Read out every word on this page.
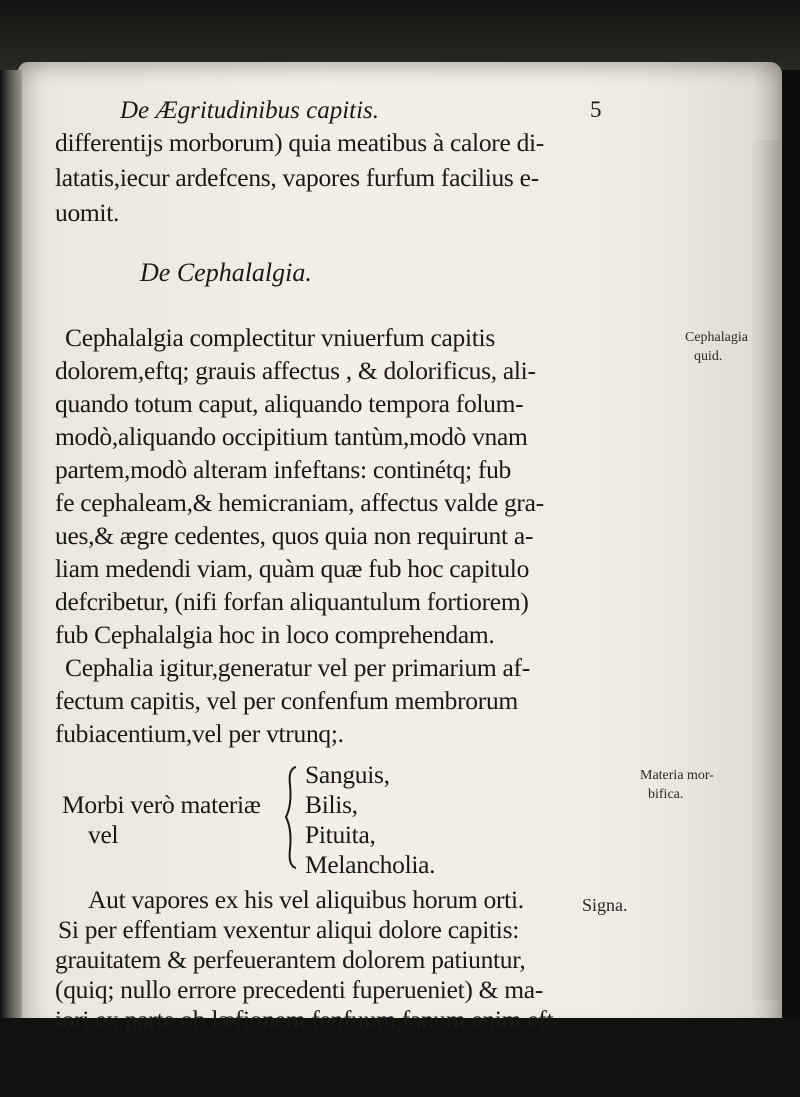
De Ægritudinibus capitis.	5
differentijs morborum) quia meatibus à calore di-
latatis,iecur ardefcens, vapores furfum facilius e-
uomit.
De Cephalalgia.
Cephalalgia complectitur vniuerfum capitis
dolorem,eftq; grauis affectus , & dolorificus, ali-
quando totum caput, aliquando tempora folum-
modò,aliquando occipitium tantùm,modò vnam
partem,modò alteram infeftans: continétq; fub
fe cephaleam,& hemicraniam, affectus valde gra-
ues,& ægre cedentes, quos quia non requirunt a-
liam medendi viam, quàm quæ fub hoc capitulo
defcribetur, (nifi forfan aliquantulum fortiorem)
fub Cephalalgia hoc in loco comprehendam.
Cephalia igitur,generatur vel per primarium af-
fectum capitis, vel per confenfum membrorum
fubiacentium,vel per vtrunq;.
Cephalagia
quid.
Sanguis,
Bilis,
Pituita,
Melancholia.
Morbi verò materiæ
vel
Materia mor-
bifica.
Aut vapores ex his vel aliquibus horum orti.	Signa.
Si per effentiam vexentur aliqui dolore capitis:
grauitatem & perfeuerantem dolorem patiuntur,
(quiq; nullo errore precedenti fuperueniet) & ma-
iori ex parte ob læfionem fenfuum,fanum enim eft
